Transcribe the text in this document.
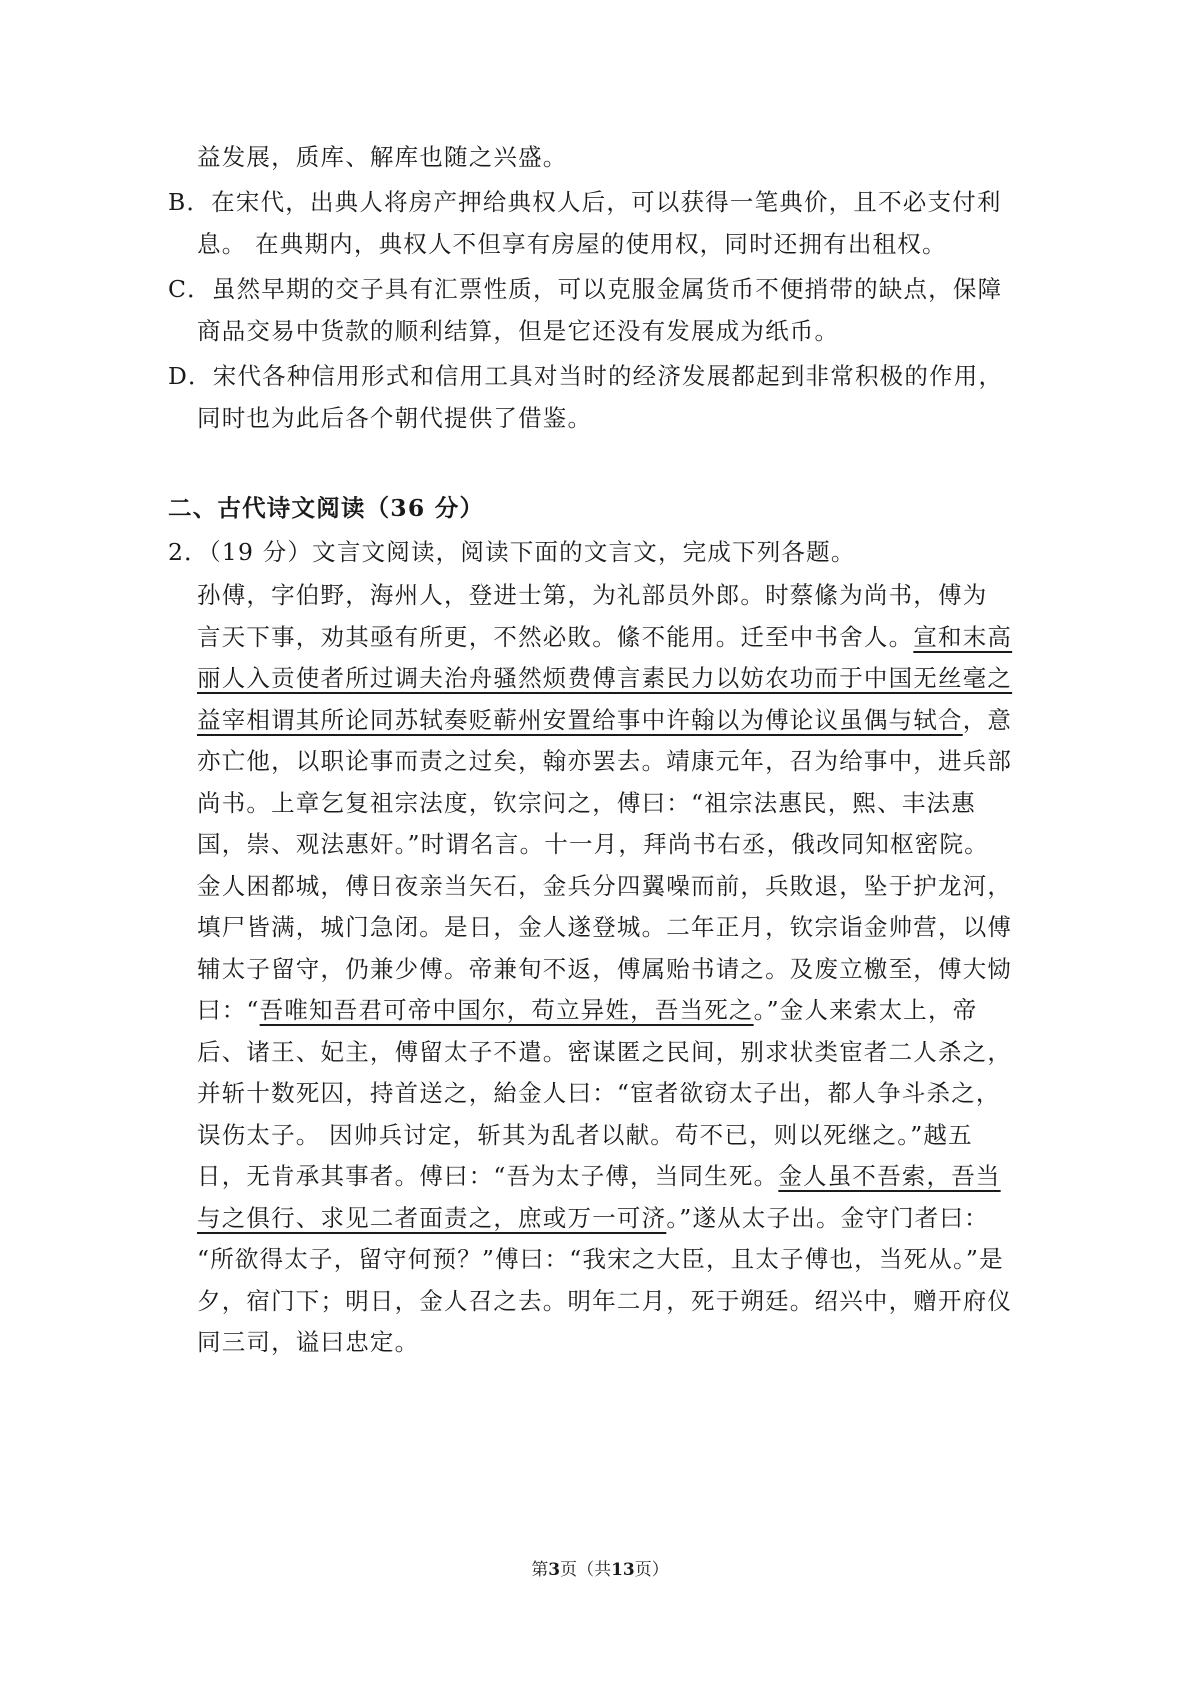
益发展，质库、解库也随之兴盛。
B．在宋代，出典人将房产押给典权人后，可以获得一笔典价，且不必支付利
息。 在典期内，典权人不但享有房屋的使用权，同时还拥有出租权。
C．虽然早期的交子具有汇票性质，可以克服金属货币不便捎带的缺点，保障
商品交易中货款的顺利结算，但是它还没有发展成为纸币。
D．宋代各种信用形式和信用工具对当时的经济发展都起到非常积极的作用，
同时也为此后各个朝代提供了借鉴。
二、古代诗文阅读（36 分）
2．（19 分）文言文阅读，阅读下面的文言文，完成下列各题。
孙傅，字伯野，海州人，登进士第，为礼部员外郎。时蔡絛为尚书，傅为
言天下事，劝其亟有所更，不然必敗。絛不能用。迁至中书舍人。宣和末高
丽人入贡使者所过调夫治舟骚然烦费傅言素民力以妨农功而于中国无丝毫之
益宰相谓其所论同苏轼奏贬蕲州安置给事中许翰以为傅论议虽偶与轼合，意
亦亡他，以职论事而责之过矣，翰亦罢去。靖康元年，召为给事中，进兵部
尚书。上章乞复祖宗法度，钦宗问之，傅曰：“祖宗法惠民，熙、丰法惠
国，崇、观法惠奸。”时谓名言。十一月，拜尚书右丞，俄改同知枢密院。
金人困都城，傅日夜亲当矢石，金兵分四翼噪而前，兵敗退，坠于护龙河，
填尸皆满，城门急闭。是日，金人遂登城。二年正月，钦宗诣金帅营，以傅
辅太子留守，仍兼少傅。帝兼旬不返，傅属贻书请之。及废立檄至，傅大恸
曰：“吾唯知吾君可帝中国尔，苟立异姓，吾当死之。”金人来索太上，帝
后、诸王、妃主，傅留太子不遣。密谋匿之民间，别求状类宦者二人杀之，
并斩十数死囚，持首送之，紿金人曰：“宦者欲窃太子出，都人争斗杀之，
误伤太子。 因帅兵讨定，斩其为乱者以献。苟不已，则以死继之。”越五
日，无肯承其事者。傅曰：“吾为太子傅，当同生死。金人虽不吾索，吾当
与之俱行、求见二者面责之，庶或万一可济。”遂从太子出。金守门者曰：
“所欲得太子，留守何预？”傅曰：“我宋之大臣，且太子傅也，当死从。”是
夕，宿门下；明日，金人召之去。明年二月，死于朔廷。绍兴中，赠开府仪
同三司，谥曰忠定。
第3页（共13页）
